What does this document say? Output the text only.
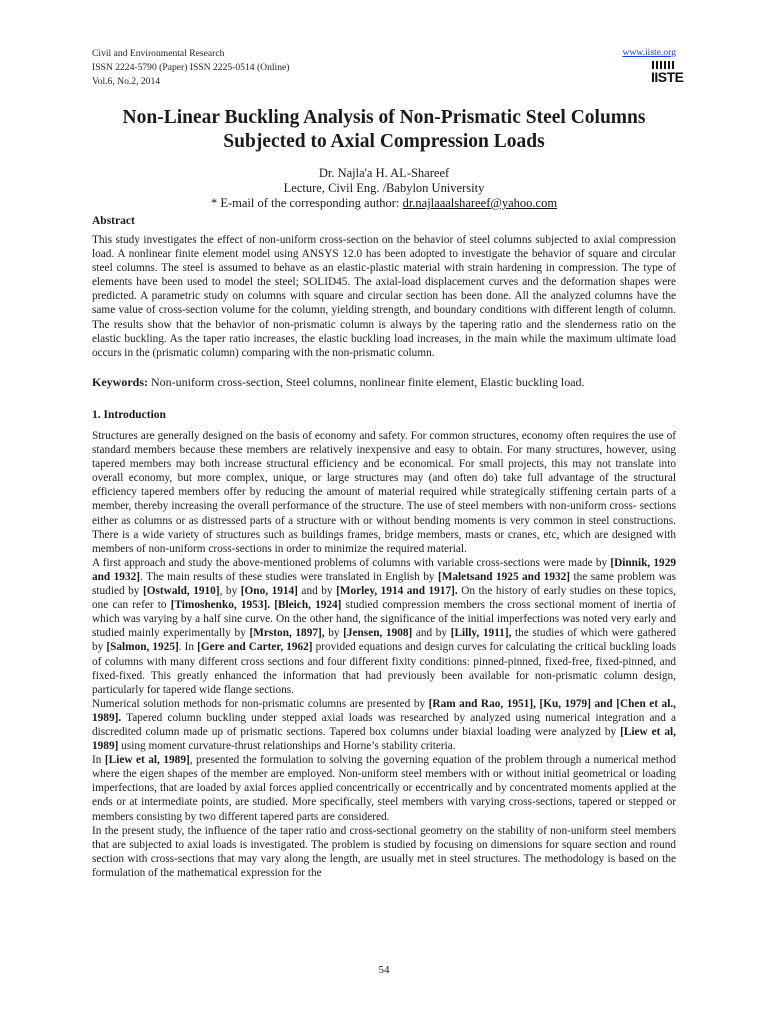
Civil and Environmental Research
ISSN 2224-5790 (Paper) ISSN 2225-0514 (Online)
Vol.6, No.2, 2014
www.iiste.org
IISTE
Non-Linear Buckling Analysis of Non-Prismatic Steel Columns Subjected to Axial Compression Loads
Dr. Najla'a H. AL-Shareef
Lecture, Civil Eng. /Babylon University
* E-mail of the corresponding author: dr.najlaaalshareef@yahoo.com
Abstract

This study investigates the effect of non-uniform cross-section on the behavior of steel columns subjected to axial compression load. A nonlinear finite element model using ANSYS 12.0 has been adopted to investigate the behavior of square and circular steel columns. The steel is assumed to behave as an elastic-plastic material with strain hardening in compression. The type of elements have been used to model the steel; SOLID45. The axial-load displacement curves and the deformation shapes were predicted. A parametric study on columns with square and circular section has been done. All the analyzed columns have the same value of cross-section volume for the column, yielding strength, and boundary conditions with different length of column. The results show that the behavior of non-prismatic column is always by the tapering ratio and the slenderness ratio on the elastic buckling. As the taper ratio increases, the elastic buckling load increases, in the main while the maximum ultimate load occurs in the (prismatic column) comparing with the non-prismatic column.

Keywords: Non-uniform cross-section, Steel columns, nonlinear finite element, Elastic buckling load.
1. Introduction

Structures are generally designed on the basis of economy and safety. For common structures, economy often requires the use of standard members because these members are relatively inexpensive and easy to obtain. For many structures, however, using tapered members may both increase structural efficiency and be economical. For small projects, this may not translate into overall economy, but more complex, unique, or large structures may (and often do) take full advantage of the structural efficiency tapered members offer by reducing the amount of material required while strategically stiffening certain parts of a member, thereby increasing the overall performance of the structure. The use of steel members with non-uniform cross- sections either as columns or as distressed parts of a structure with or without bending moments is very common in steel constructions. There is a wide variety of structures such as buildings frames, bridge members, masts or cranes, etc, which are designed with members of non-uniform cross-sections in order to minimize the required material.

A first approach and study the above-mentioned problems of columns with variable cross-sections were made by [Dinnik, 1929 and 1932]. The main results of these studies were translated in English by [Maletsand 1925 and 1932] the same problem was studied by [Ostwald, 1910], by [Ono, 1914] and by [Morley, 1914 and 1917]. On the history of early studies on these topics, one can refer to [Timoshenko, 1953]. [Bleich, 1924] studied compression members the cross sectional moment of inertia of which was varying by a half sine curve. On the other hand, the significance of the initial imperfections was noted very early and studied mainly experimentally by [Mrston, 1897], by [Jensen, 1908] and by [Lilly, 1911], the studies of which were gathered by [Salmon, 1925]. In [Gere and Carter, 1962] provided equations and design curves for calculating the critical buckling loads of columns with many different cross sections and four different fixity conditions: pinned-pinned, fixed-free, fixed-pinned, and fixed-fixed. This greatly enhanced the information that had previously been available for non-prismatic column design, particularly for tapered wide flange sections.

Numerical solution methods for non-prismatic columns are presented by [Ram and Rao, 1951], [Ku, 1979] and [Chen et al., 1989]. Tapered column buckling under stepped axial loads was researched by analyzed using numerical integration and a discredited column made up of prismatic sections. Tapered box columns under biaxial loading were analyzed by [Liew et al, 1989] using moment curvature-thrust relationships and Horne’s stability criteria.

In [Liew et al, 1989], presented the formulation to solving the governing equation of the problem through a numerical method where the eigen shapes of the member are employed. Non-uniform steel members with or without initial geometrical or loading imperfections, that are loaded by axial forces applied concentrically or eccentrically and by concentrated moments applied at the ends or at intermediate points, are studied. More specifically, steel members with varying cross-sections, tapered or stepped or members consisting by two different tapered parts are considered.

In the present study, the influence of the taper ratio and cross-sectional geometry on the stability of non-uniform steel members that are subjected to axial loads is investigated. The problem is studied by focusing on dimensions for square section and round section with cross-sections that may vary along the length, are usually met in steel structures. The methodology is based on the formulation of the mathematical expression for the

54
